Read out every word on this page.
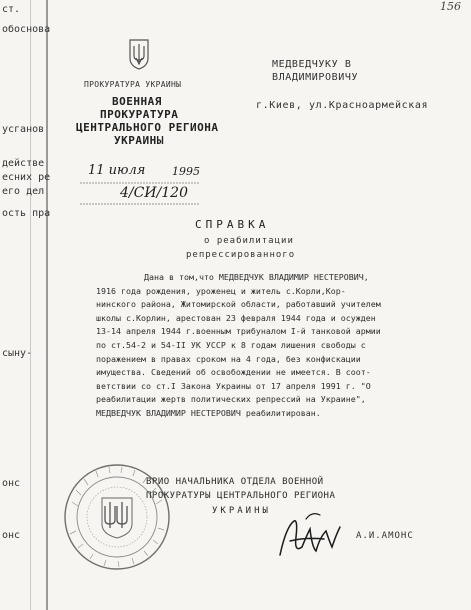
ст.
обоснова
усганов
действе
есних ре
его дел
ость пра
сыну-
онс
онс
156
ПРОКУРАТУРА УКРАИНЫ
ВОЕННАЯ
ПРОКУРАТУРА
ЦЕНТРАЛЬНОГО РЕГИОНА
УКРАИНЫ
МЕДВЕДЧУКУ В
ВЛАДИМИРОВИЧУ
г.Киев, ул.Красноармейская
11 июля 1995
4/СИ/120
СПРАВКА
о реабилитации
репрессированного
Дана в том,что МЕДВЕДЧУК ВЛАДИМИР НЕСТЕРОВИЧ,
1916 года рождения, уроженец и житель с.Корли,Кор-
нинского района, Житомирской области, работавший учителем
школы с.Корлин, арестован 23 февраля 1944 года и осужден
13-14 апреля 1944 г.военным трибуналом I-й танковой армии
по ст.54-2 и 54-II УК УССР к 8 годам лишения свободы с
поражением в правах сроком на 4 года, без конфискации
имущества. Сведений об освобождении не имеется. В соот-
ветствии со ст.I Закона Украины от 17 апреля 1991 г. "О
реабилитации жертв политических репрессий на Украине",
МЕДВЕДЧУК ВЛАДИМИР НЕСТЕРОВИЧ реабилитирован.
ВРИО НАЧАЛЬНИКА ОТДЕЛА ВОЕННОЙ
ПРОКУРАТУРЫ ЦЕНТРАЛЬНОГО РЕГИОНА
УКРАИНЫ
А.И.АМОНС
